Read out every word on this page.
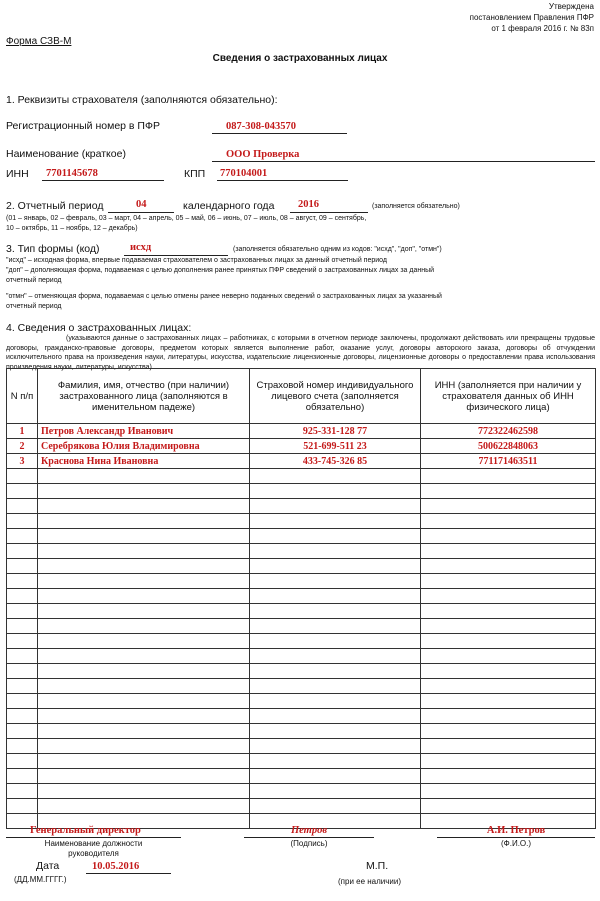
Утверждена
постановлением Правления ПФР
от 1 февраля 2016 г. № 83п
Форма СЗВ-М
Сведения о застрахованных лицах
1. Реквизиты страхователя (заполняются обязательно):
Регистрационный номер в ПФР	087-308-043570
Наименование (краткое)	ООО Проверка
ИНН 7701145678	КПП 770104001
2. Отчетный период	04	календарного года 2016	(заполняется обязательно)
(01 – январь, 02 – февраль, 03 – март, 04 – апрель, 05 – май, 06 – июнь, 07 – июль, 08 – август, 09 – сентябрь,
10 – октябрь, 11 – ноябрь, 12 – декабрь)
3. Тип формы (код)	исхд	(заполняется обязательно одним из кодов: "исхд", "доп", "отмн")
"исхд" – исходная форма, впервые подаваемая страхователем о застрахованных лицах за данный отчетный период
"доп" – дополняющая форма, подаваемая с целью дополнения ранее принятых ПФР сведений о застрахованных лицах за данный
отчетный период
"отмн" – отменяющая форма, подаваемая с целью отмены ранее неверно поданных сведений о застрахованных лицах за указанный
отчетный период
4. Сведения о застрахованных лицах:
(указываются данные о застрахованных лицах – работниках, с которыми в отчетном периоде заключены, продолжают действовать или прекращены трудовые договоры, гражданско-правовые договоры, предметом которых является выполнение работ, оказание услуг, договоры авторского заказа, договоры об отчуждении исключительного права на произведения науки, литературы, искусства, издательские лицензионные договоры, лицензионные договоры о предоставлении права использования произведения науки, литературы, искусства)
N п/п	Фамилия, имя, отчество (при наличии) застрахованного лица (заполняются в именительном падеже)	Страховой номер индивидуального лицевого счета (заполняется обязательно)	ИНН (заполняется при наличии у страхователя данных об ИНН физического лица)
1	Петров Александр Иванович	925-331-128 77	772322462598
2	Серебрякова Юлия Владимировна	521-699-511 23	500622848063
3	Краснова Нина Ивановна	433-745-326 85	771171463511

Генеральный директор
Наименование должности
руководителя
Петров
(Подпись)
А.И. Петров
(Ф.И.О.)
Дата	10.05.2016
(ДД.ММ.ГГГГ.)
М.П.
(при ее наличии)
